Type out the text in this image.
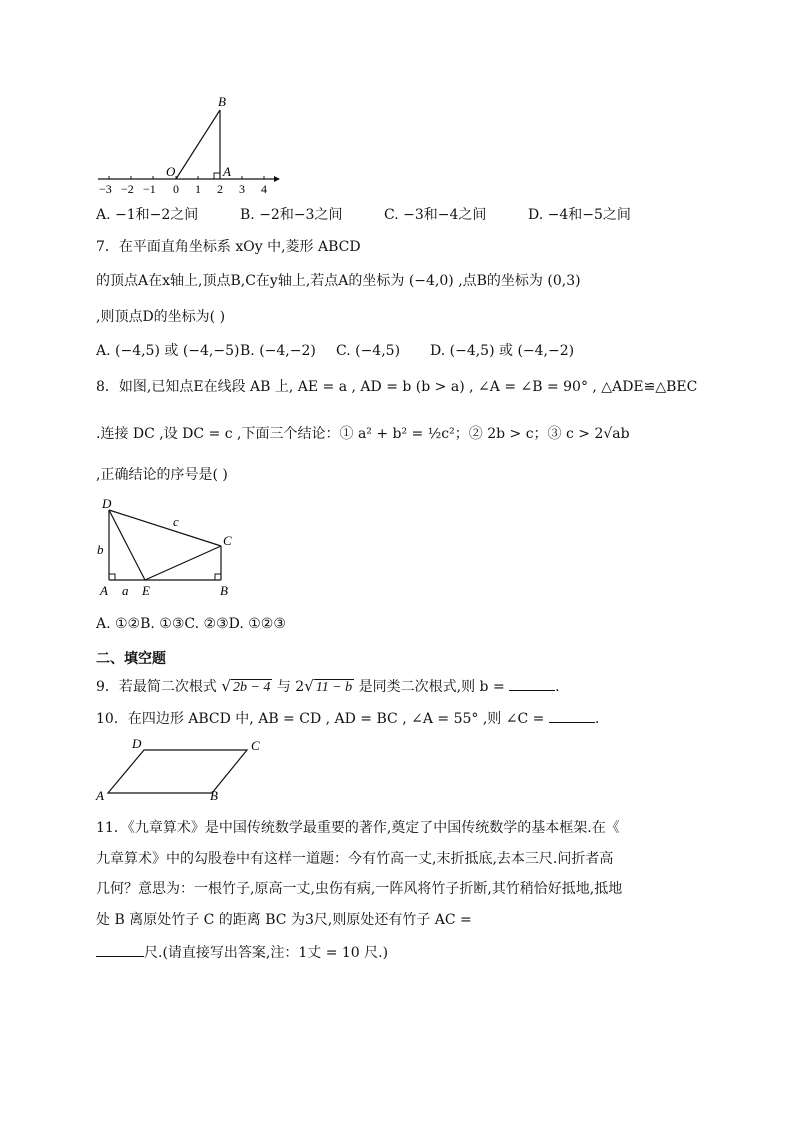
B
O	A
−3 −2 −1 0 1 2 3 4
A. −1和−2之间	B. −2和−3之间	C. −3和−4之间	D. −4和−5之间
7．在平面直角坐标系 xOy 中,菱形 ABCD
的顶点A在x轴上,顶点B,C在y轴上,若点A的坐标为 (−4,0) ,点B的坐标为 (0,3)
,则顶点D的坐标为( )
A. (−4,5) 或 (−4,−5) B. (−4,−2) C. (−4,5) D. (−4,5) 或 (−4,−2)
8．如图,已知点E在线段 AB 上, AE = a , AD = b (b > a) , ∠A = ∠B = 90° , △ADE≌△BEC
.连接 DC ,设 DC = c ,下面三个结论：① a² + b² = ½c²；② 2b > c；③ c > 2√ab
,正确结论的序号是( )
D
C
A	E	B
b
c
a
A. ①②B. ①③C. ②③D. ①②③
二、填空题
9．若最简二次根式 √ 2b − 4 与 2√ 11 − b 是同类二次根式,则 b =	.
10．在四边形 ABCD 中, AB = CD , AD = BC , ∠A = 55° ,则 ∠C =	.
D	C
A	B
11．《九章算术》是中国传统数学最重要的著作,奠定了中国传统数学的基本框架.在《
九章算术》中的勾股卷中有这样一道题：今有竹高一丈,末折抵底,去本三尺.问折者高
几何？意思为：一根竹子,原高一丈,虫伤有病,一阵风将竹子折断,其竹稍恰好抵地,抵地
处 B 离原处竹子 C 的距离 BC 为3尺,则原处还有竹子 AC =
尺.(请直接写出答案,注：1丈 = 10 尺.)
